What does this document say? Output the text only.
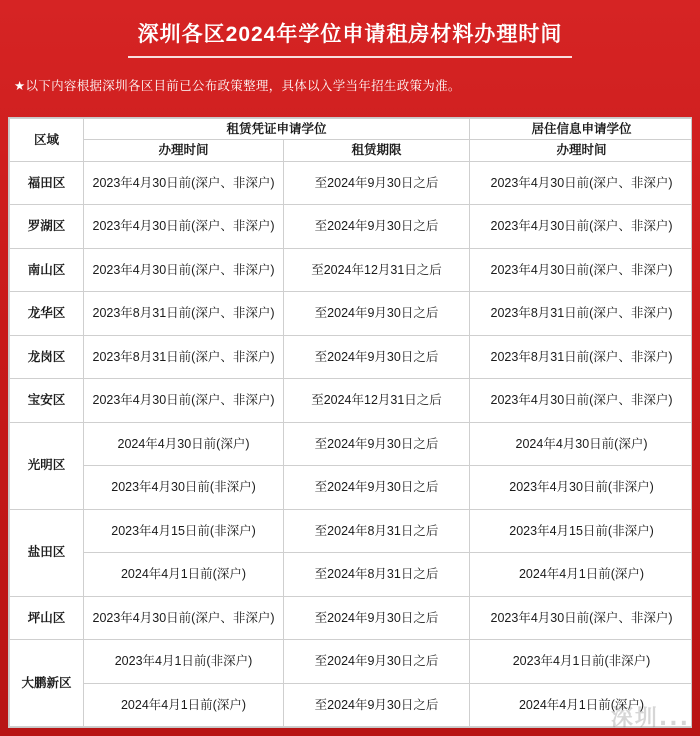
深圳各区2024年学位申请租房材料办理时间
★以下内容根据深圳各区目前已公布政策整理，具体以入学当年招生政策为准。
区域	租赁凭证申请学位		居住信息申请学位
	办理时间	租赁期限	办理时间
福田区	2023年4月30日前(深户、非深户)	至2024年9月30日之后	2023年4月30日前(深户、非深户)
罗湖区	2023年4月30日前(深户、非深户)	至2024年9月30日之后	2023年4月30日前(深户、非深户)
南山区	2023年4月30日前(深户、非深户)	至2024年12月31日之后	2023年4月30日前(深户、非深户)
龙华区	2023年8月31日前(深户、非深户)	至2024年9月30日之后	2023年8月31日前(深户、非深户)
龙岗区	2023年8月31日前(深户、非深户)	至2024年9月30日之后	2023年8月31日前(深户、非深户)
宝安区	2023年4月30日前(深户、非深户)	至2024年12月31日之后	2023年4月30日前(深户、非深户)
光明区	2024年4月30日前(深户)	至2024年9月30日之后	2024年4月30日前(深户)
	2023年4月30日前(非深户)	至2024年9月30日之后	2023年4月30日前(非深户)
盐田区	2023年4月15日前(非深户)	至2024年8月31日之后	2023年4月15日前(非深户)
	2024年4月1日前(深户)	至2024年8月31日之后	2024年4月1日前(深户)
坪山区	2023年4月30日前(深户、非深户)	至2024年9月30日之后	2023年4月30日前(深户、非深户)
大鹏新区	2023年4月1日前(非深户)	至2024年9月30日之后	2023年4月1日前(非深户)
	2024年4月1日前(深户)	至2024年9月30日之后	2024年4月1日前(深户)
深圳...
